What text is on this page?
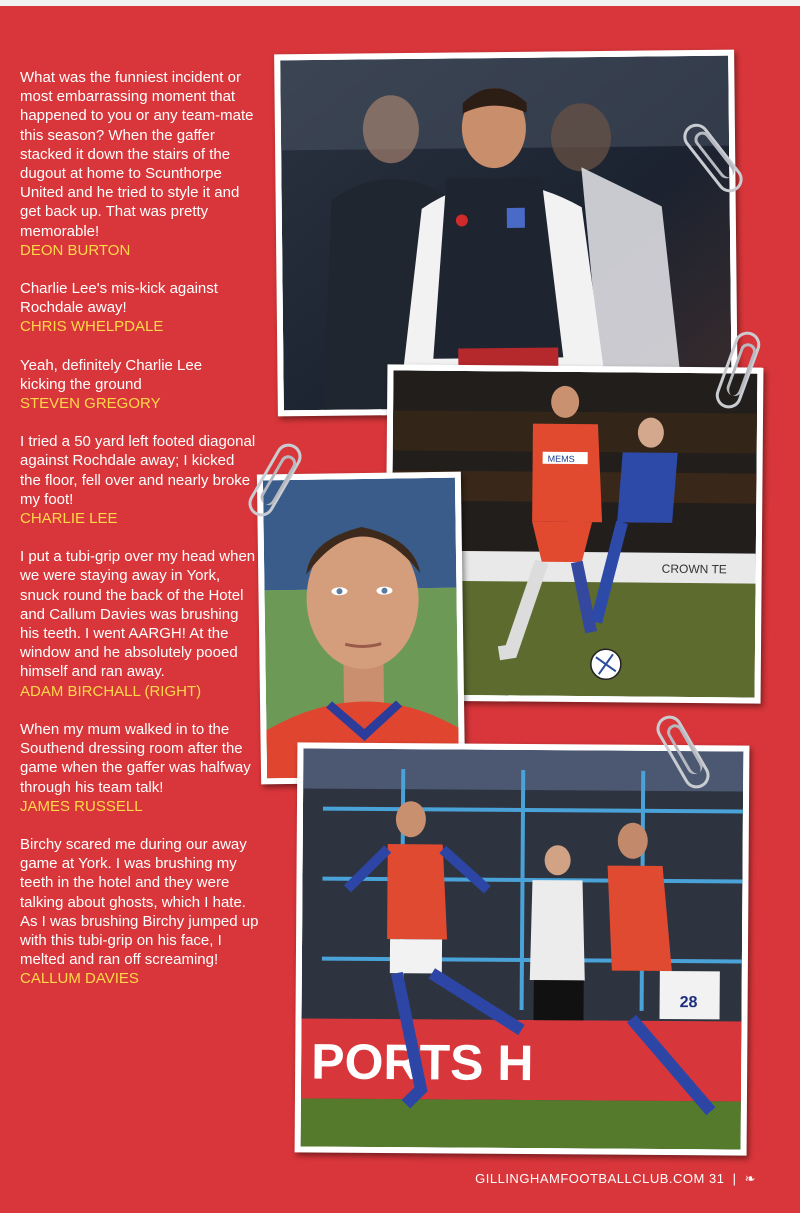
What was the funniest incident or most embarrassing moment that happened to you or any team-mate this season? When the gaffer stacked it down the stairs of the dugout at home to Scunthorpe United and he tried to style it and get back up. That was pretty memorable!

DEON BURTON

Charlie Lee's mis-kick against Rochdale away!

CHRIS WHELPDALE

Yeah, definitely Charlie Lee kicking the ground

STEVEN GREGORY

I tried a 50 yard left footed diagonal against Rochdale away; I kicked the floor, fell over and nearly broke my foot!

CHARLIE LEE

I put a tubi-grip over my head when we were staying away in York, snuck round the back of the Hotel and Callum Davies was brushing his teeth. I went AARGH! At the window and he absolutely pooed himself and ran away.

ADAM BIRCHALL (RIGHT)

When my mum walked in to the Southend dressing room after the game when the gaffer was halfway through his team talk!

JAMES RUSSELL

Birchy scared me during our away game at York. I was brushing my teeth in the hotel and they were talking about ghosts, which I hate. As I was brushing Birchy jumped up with this tubi-grip on his face, I melted and ran off screaming!

CALLUM DAVIES

CROWN TE
MEMS
PORTS H
28
GILLINGHAMFOOTBALLCLUB.COM 31 | ❧
